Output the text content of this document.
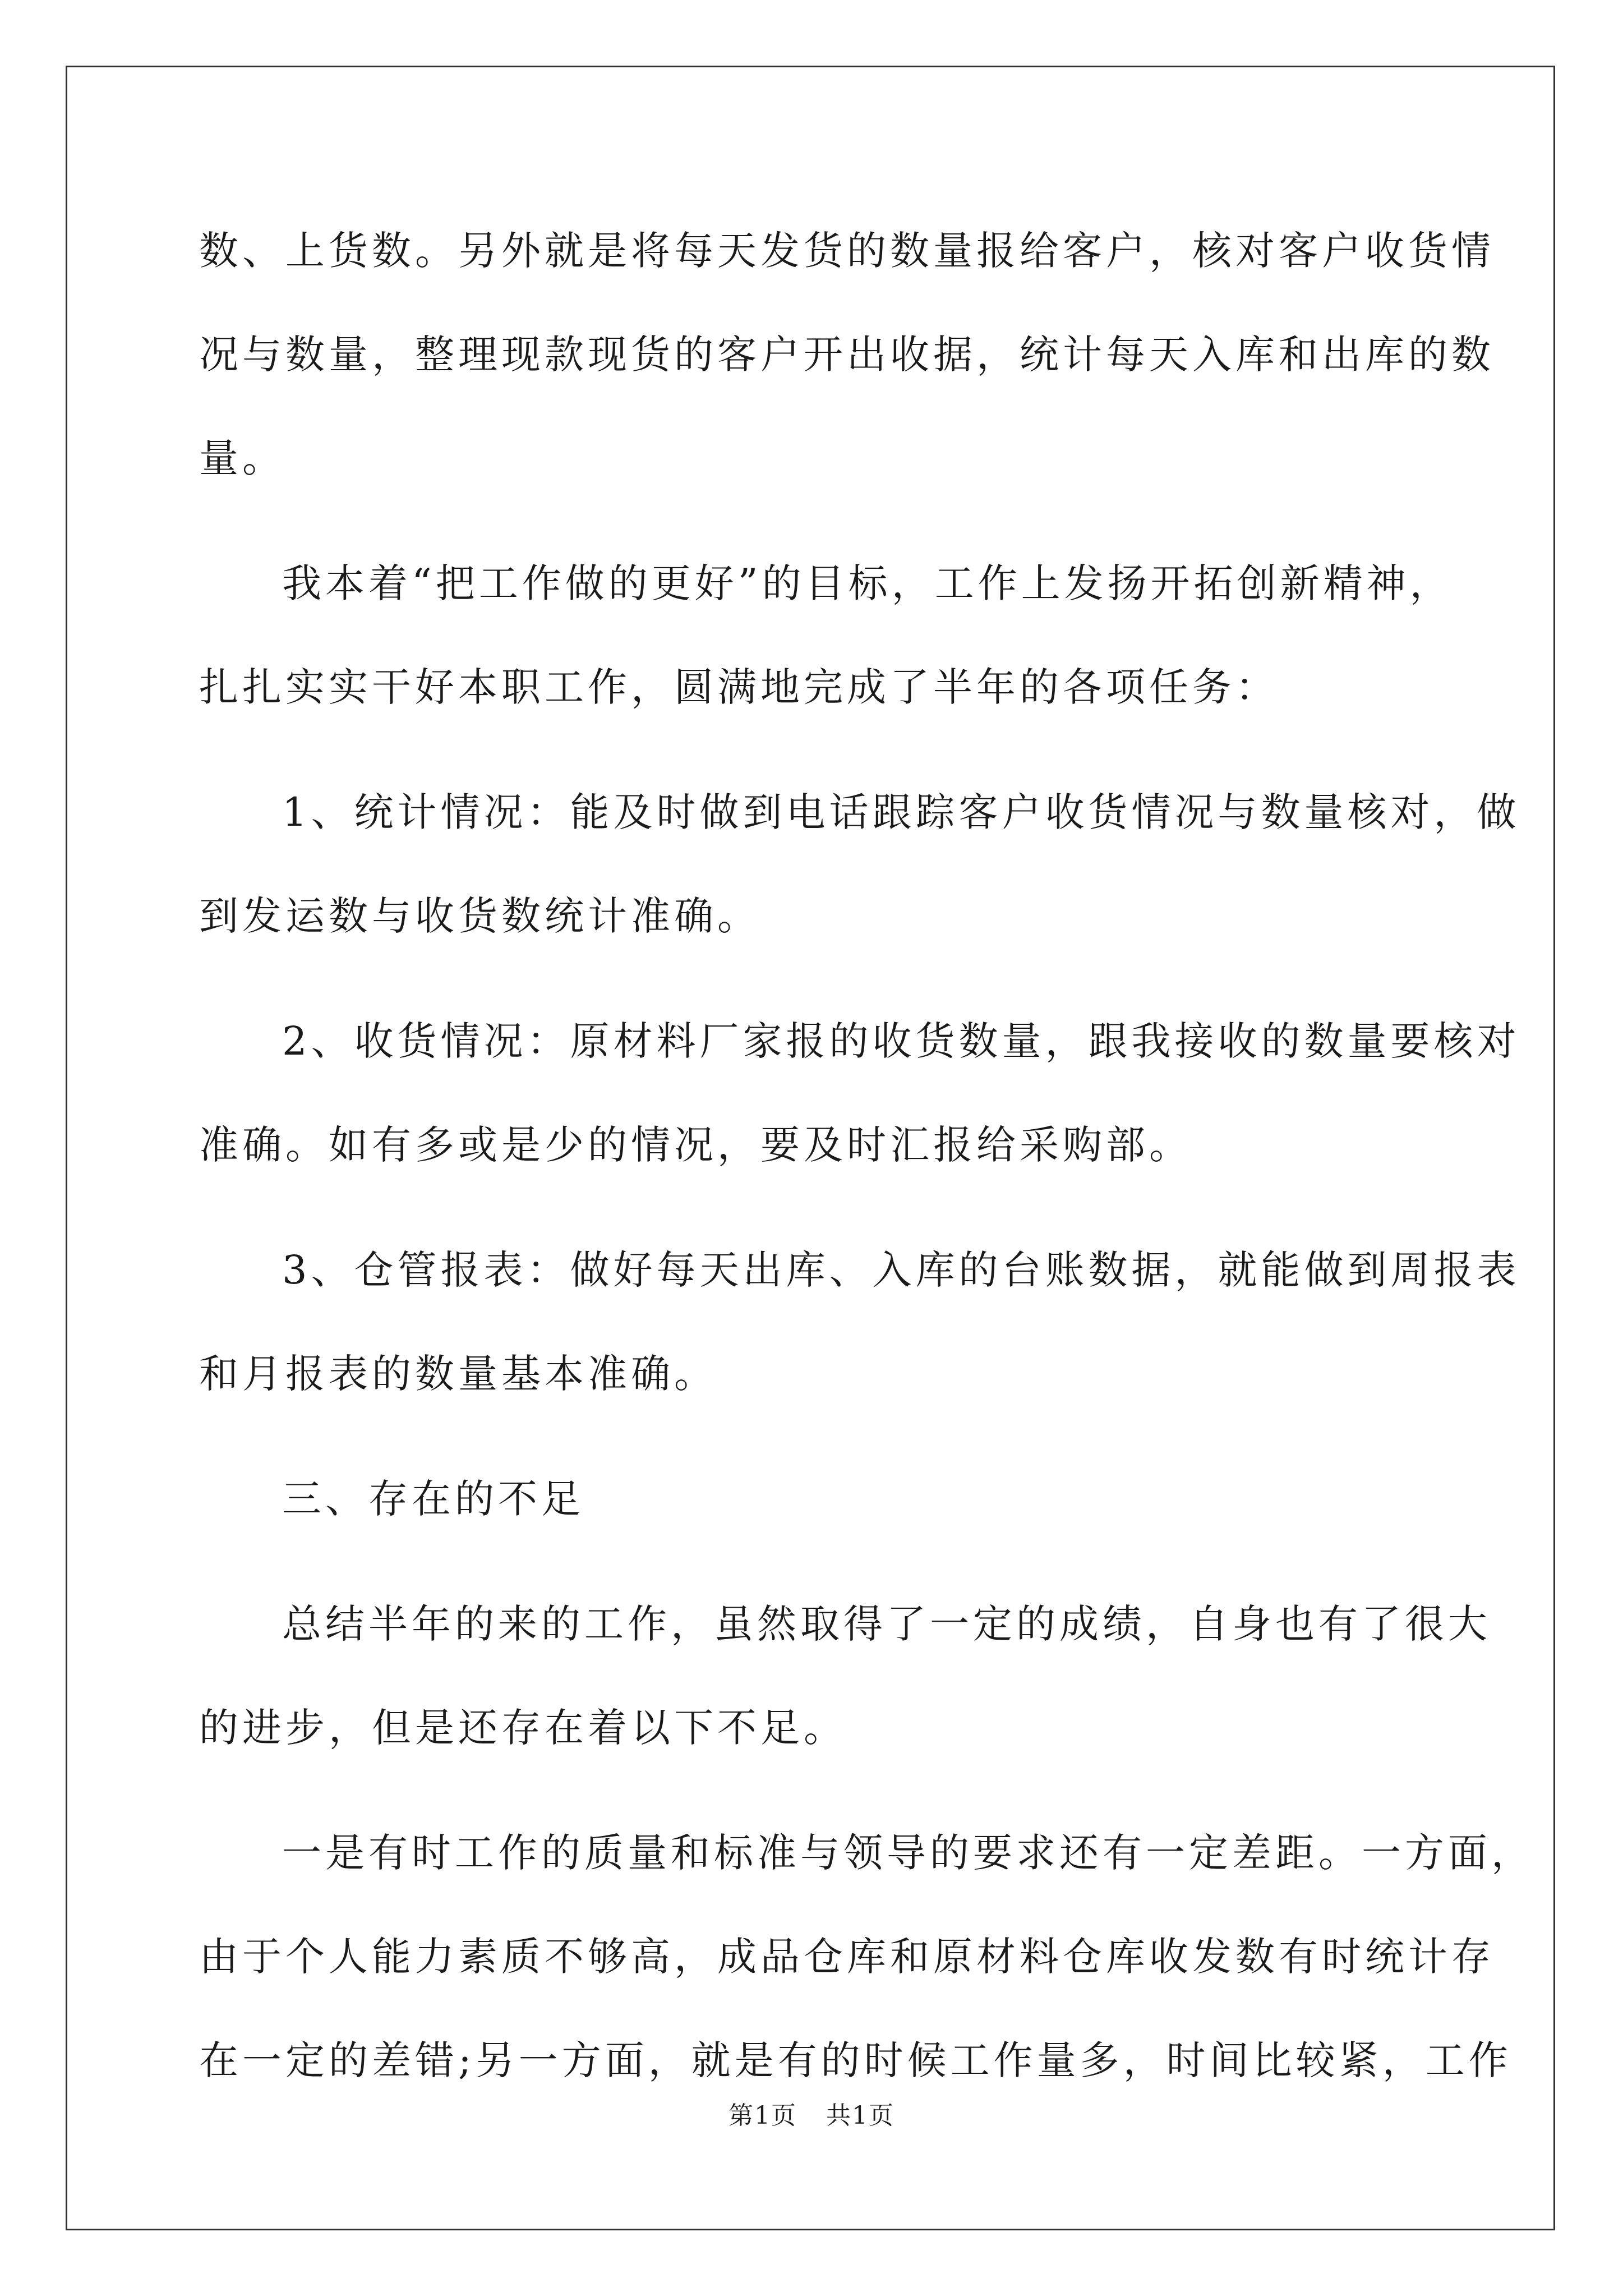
数、上货数。另外就是将每天发货的数量报给客户，核对客户收货情
况与数量，整理现款现货的客户开出收据，统计每天入库和出库的数
量。

我本着“把工作做的更好”的目标，工作上发扬开拓创新精神，
扎扎实实干好本职工作，圆满地完成了半年的各项任务：

1、统计情况：能及时做到电话跟踪客户收货情况与数量核对，做
到发运数与收货数统计准确。

2、收货情况：原材料厂家报的收货数量，跟我接收的数量要核对
准确。如有多或是少的情况，要及时汇报给采购部。

3、仓管报表：做好每天出库、入库的台账数据，就能做到周报表
和月报表的数量基本准确。

三、存在的不足

总结半年的来的工作，虽然取得了一定的成绩，自身也有了很大
的进步，但是还存在着以下不足。

一是有时工作的质量和标准与领导的要求还有一定差距。一方面，
由于个人能力素质不够高，成品仓库和原材料仓库收发数有时统计存
在一定的差错;另一方面，就是有的时候工作量多，时间比较紧，工作

第1页 共1页
